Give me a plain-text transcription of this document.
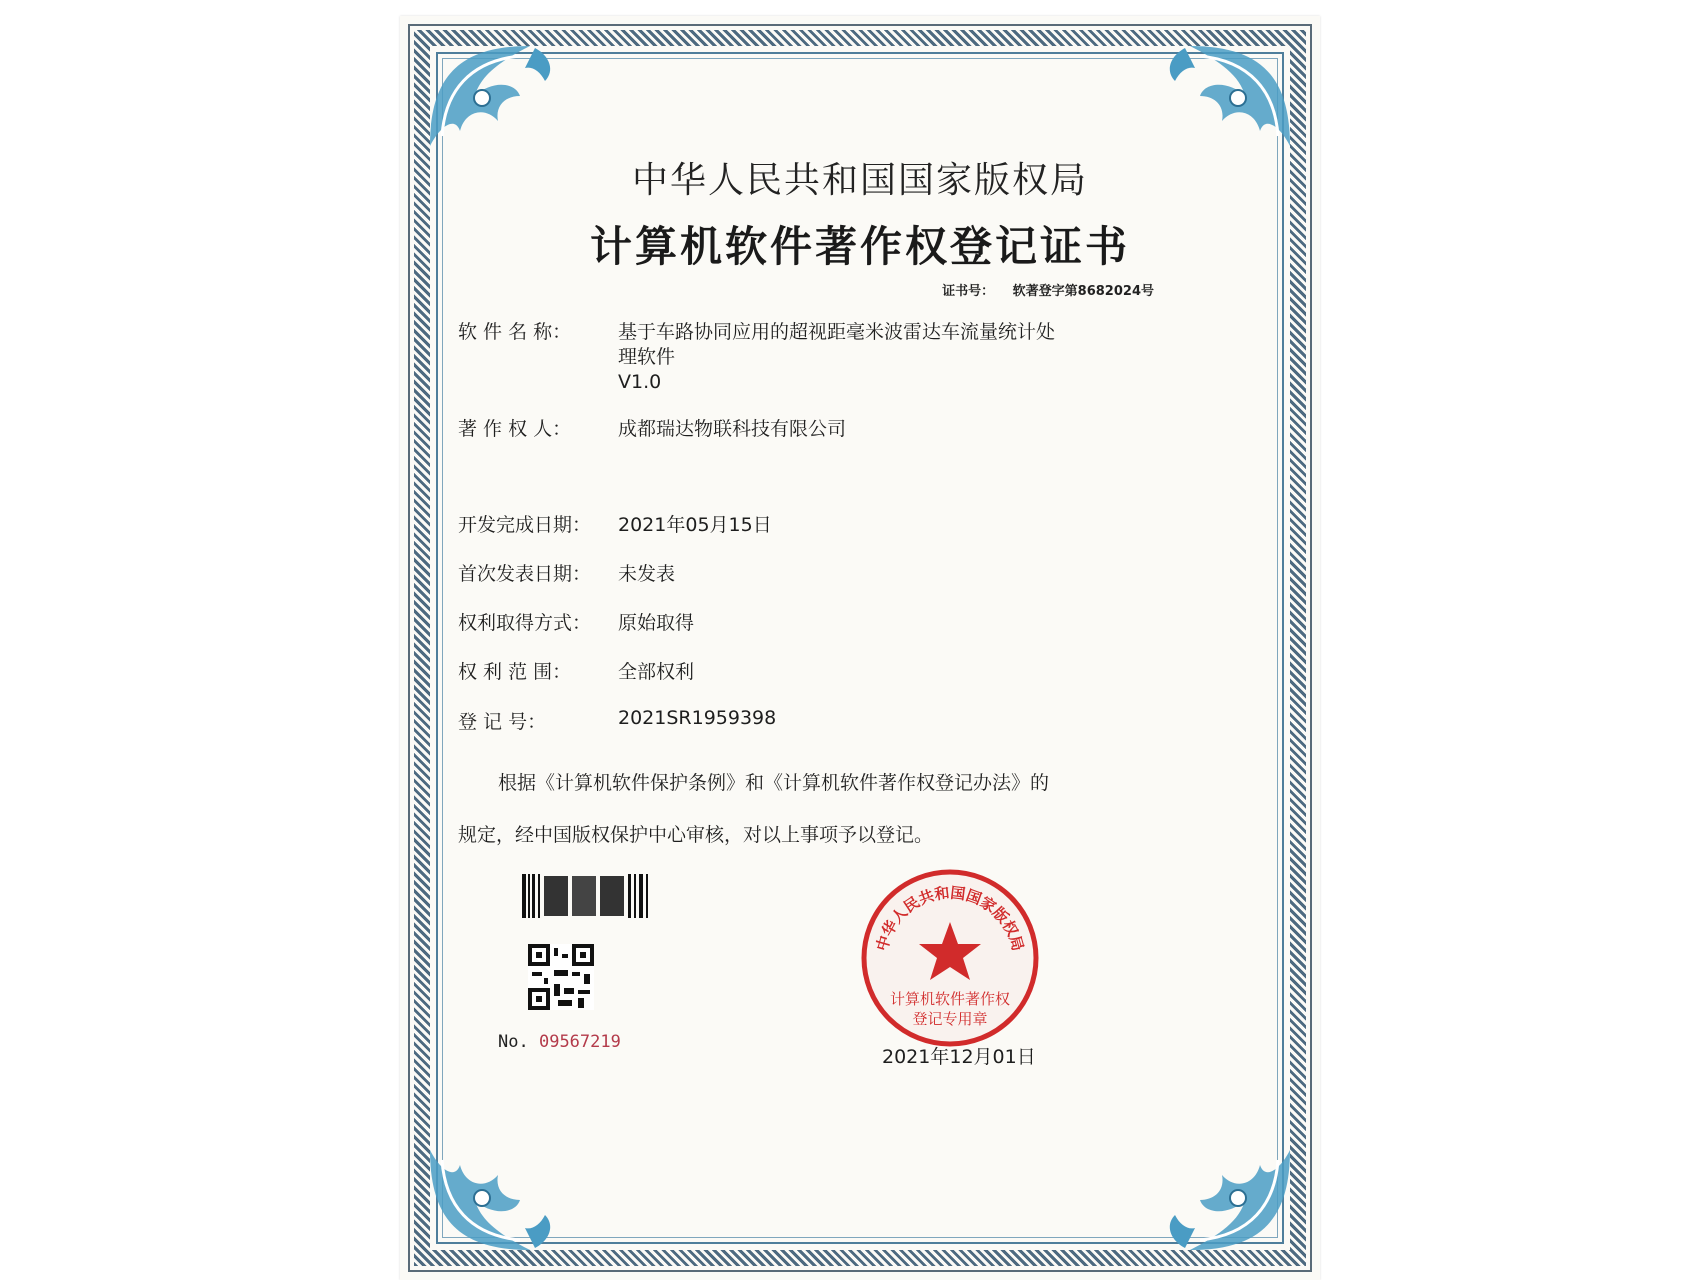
中华人民共和国国家版权局
计算机软件著作权登记证书
证书号： 软著登字第8682024号
软 件 名 称：	基于车路协同应用的超视距毫米波雷达车流量统计处
理软件
V1.0
著 作 权 人：	成都瑞达物联科技有限公司
开发完成日期：	2021年05月15日
首次发表日期：	未发表
权利取得方式：	原始取得
权 利 范 围：	全部权利
登 记 号：	2021SR1959398
根据《计算机软件保护条例》和《计算机软件著作权登记办法》的
规定，经中国版权保护中心审核，对以上事项予以登记。
No. 09567219
中华人民共和国国家版权局
计算机软件著作权
登记专用章
2021年12月01日
